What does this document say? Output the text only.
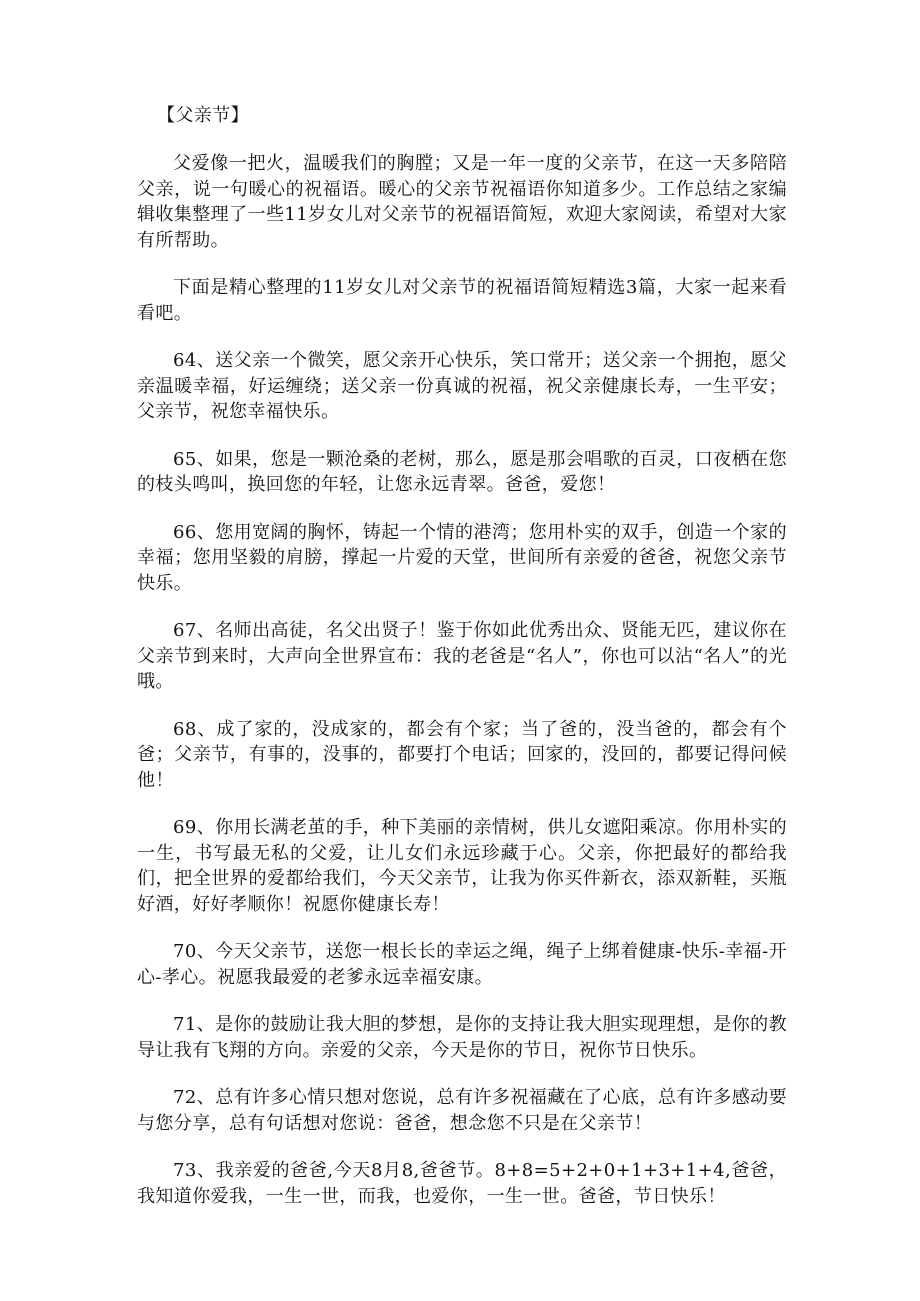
【父亲节】

父爱像一把火，温暖我们的胸膛；又是一年一度的父亲节，在这一天多陪陪父亲，说一句暖心的祝福语。暖心的父亲节祝福语你知道多少。工作总结之家编辑收集整理了一些11岁女儿对父亲节的祝福语简短，欢迎大家阅读，希望对大家有所帮助。

下面是精心整理的11岁女儿对父亲节的祝福语简短精选3篇，大家一起来看看吧。

64、送父亲一个微笑，愿父亲开心快乐，笑口常开；送父亲一个拥抱，愿父亲温暖幸福，好运缠绕；送父亲一份真诚的祝福，祝父亲健康长寿，一生平安；父亲节，祝您幸福快乐。

65、如果，您是一颗沧桑的老树，那么，愿是那会唱歌的百灵，口夜栖在您的枝头鸣叫，换回您的年轻，让您永远青翠。爸爸，爱您！

66、您用宽阔的胸怀，铸起一个情的港湾；您用朴实的双手，创造一个家的幸福；您用坚毅的肩膀，撑起一片爱的天堂，世间所有亲爱的爸爸，祝您父亲节快乐。

67、名师出高徒，名父出贤子！鉴于你如此优秀出众、贤能无匹，建议你在父亲节到来时，大声向全世界宣布：我的老爸是“名人”，你也可以沾“名人”的光哦。

68、成了家的，没成家的，都会有个家；当了爸的，没当爸的，都会有个爸；父亲节，有事的，没事的，都要打个电话；回家的，没回的，都要记得问候他！

69、你用长满老茧的手，种下美丽的亲情树，供儿女遮阳乘凉。你用朴实的一生，书写最无私的父爱，让儿女们永远珍藏于心。父亲，你把最好的都给我们，把全世界的爱都给我们，今天父亲节，让我为你买件新衣，添双新鞋，买瓶好酒，好好孝顺你！祝愿你健康长寿！

70、今天父亲节，送您一根长长的幸运之绳，绳子上绑着健康-快乐-幸福-开心-孝心。祝愿我最爱的老爹永远幸福安康。

71、是你的鼓励让我大胆的梦想，是你的支持让我大胆实现理想，是你的教导让我有飞翔的方向。亲爱的父亲，今天是你的节日，祝你节日快乐。

72、总有许多心情只想对您说，总有许多祝福藏在了心底，总有许多感动要与您分享，总有句话想对您说：爸爸，想念您不只是在父亲节！

73、我亲爱的爸爸,今天8月8,爸爸节。8+8=5+2+0+1+3+1+4,爸爸，我知道你爱我，一生一世，而我，也爱你，一生一世。爸爸，节日快乐！
